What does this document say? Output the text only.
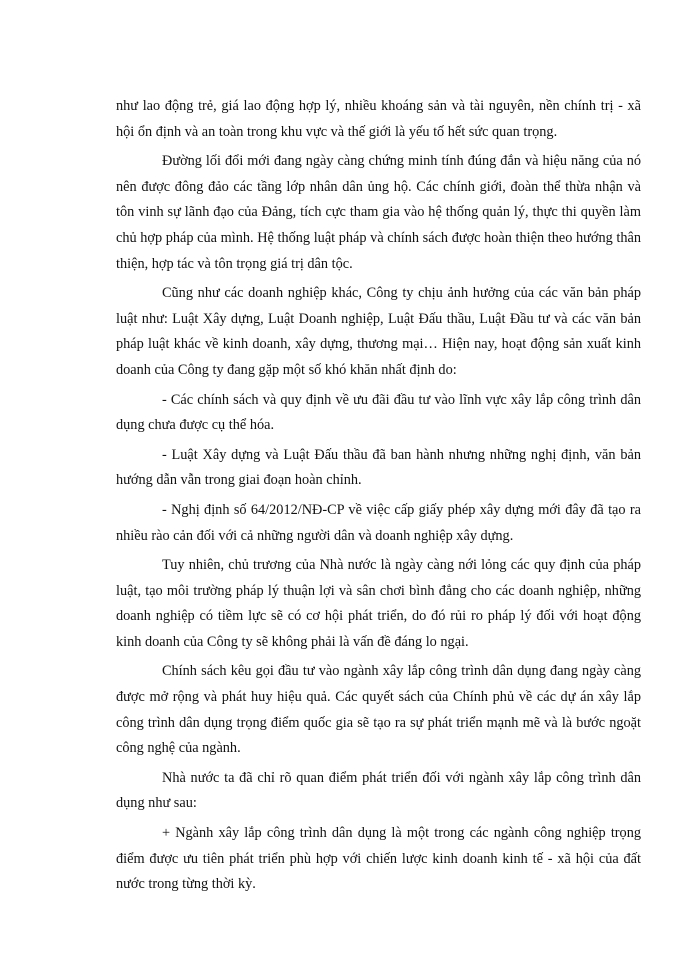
như lao động trẻ, giá lao động hợp lý, nhiều khoáng sản và tài nguyên, nền chính trị - xã hội ổn định và an toàn trong khu vực và thế giới là yếu tố hết sức quan trọng.

Đường lối đổi mới đang ngày càng chứng minh tính đúng đắn và hiệu năng của nó nên được đông đảo các tầng lớp nhân dân ủng hộ. Các chính giới, đoàn thể thừa nhận và tôn vinh sự lãnh đạo của Đảng, tích cực tham gia vào hệ thống quản lý, thực thi quyền làm chủ hợp pháp của mình. Hệ thống luật pháp và chính sách được hoàn thiện theo hướng thân thiện, hợp tác và tôn trọng giá trị dân tộc.

Cũng như các doanh nghiệp khác, Công ty chịu ảnh hưởng của các văn bản pháp luật như: Luật Xây dựng, Luật Doanh nghiệp, Luật Đấu thầu, Luật Đầu tư và các văn bản pháp luật khác về kinh doanh, xây dựng, thương mại… Hiện nay, hoạt động sản xuất kinh doanh của Công ty đang gặp một số khó khăn nhất định do:

- Các chính sách và quy định về ưu đãi đầu tư vào lĩnh vực xây lắp công trình dân dụng chưa được cụ thể hóa.

- Luật Xây dựng và Luật Đấu thầu đã ban hành nhưng những nghị định, văn bản hướng dẫn vẫn trong giai đoạn hoàn chỉnh.

- Nghị định số 64/2012/NĐ-CP về việc cấp giấy phép xây dựng mới đây đã tạo ra nhiều rào cản đối với cả những người dân và doanh nghiệp xây dựng.

Tuy nhiên, chủ trương của Nhà nước là ngày càng nới lỏng các quy định của pháp luật, tạo môi trường pháp lý thuận lợi và sân chơi bình đẳng cho các doanh nghiệp, những doanh nghiệp có tiềm lực sẽ có cơ hội phát triển, do đó rủi ro pháp lý đối với hoạt động kinh doanh của Công ty sẽ không phải là vấn đề đáng lo ngại.

Chính sách kêu gọi đầu tư vào ngành xây lắp công trình dân dụng đang ngày càng được mở rộng và phát huy hiệu quả. Các quyết sách của Chính phủ về các dự án xây lắp công trình dân dụng trọng điểm quốc gia sẽ tạo ra sự phát triển mạnh mẽ và là bước ngoặt công nghệ của ngành.

Nhà nước ta đã chỉ rõ quan điểm phát triển đối với ngành xây lắp công trình dân dụng như sau:

+ Ngành xây lắp công trình dân dụng là một trong các ngành công nghiệp trọng điểm được ưu tiên phát triển phù hợp với chiến lược kinh doanh kinh tế - xã hội của đất nước trong từng thời kỳ.
